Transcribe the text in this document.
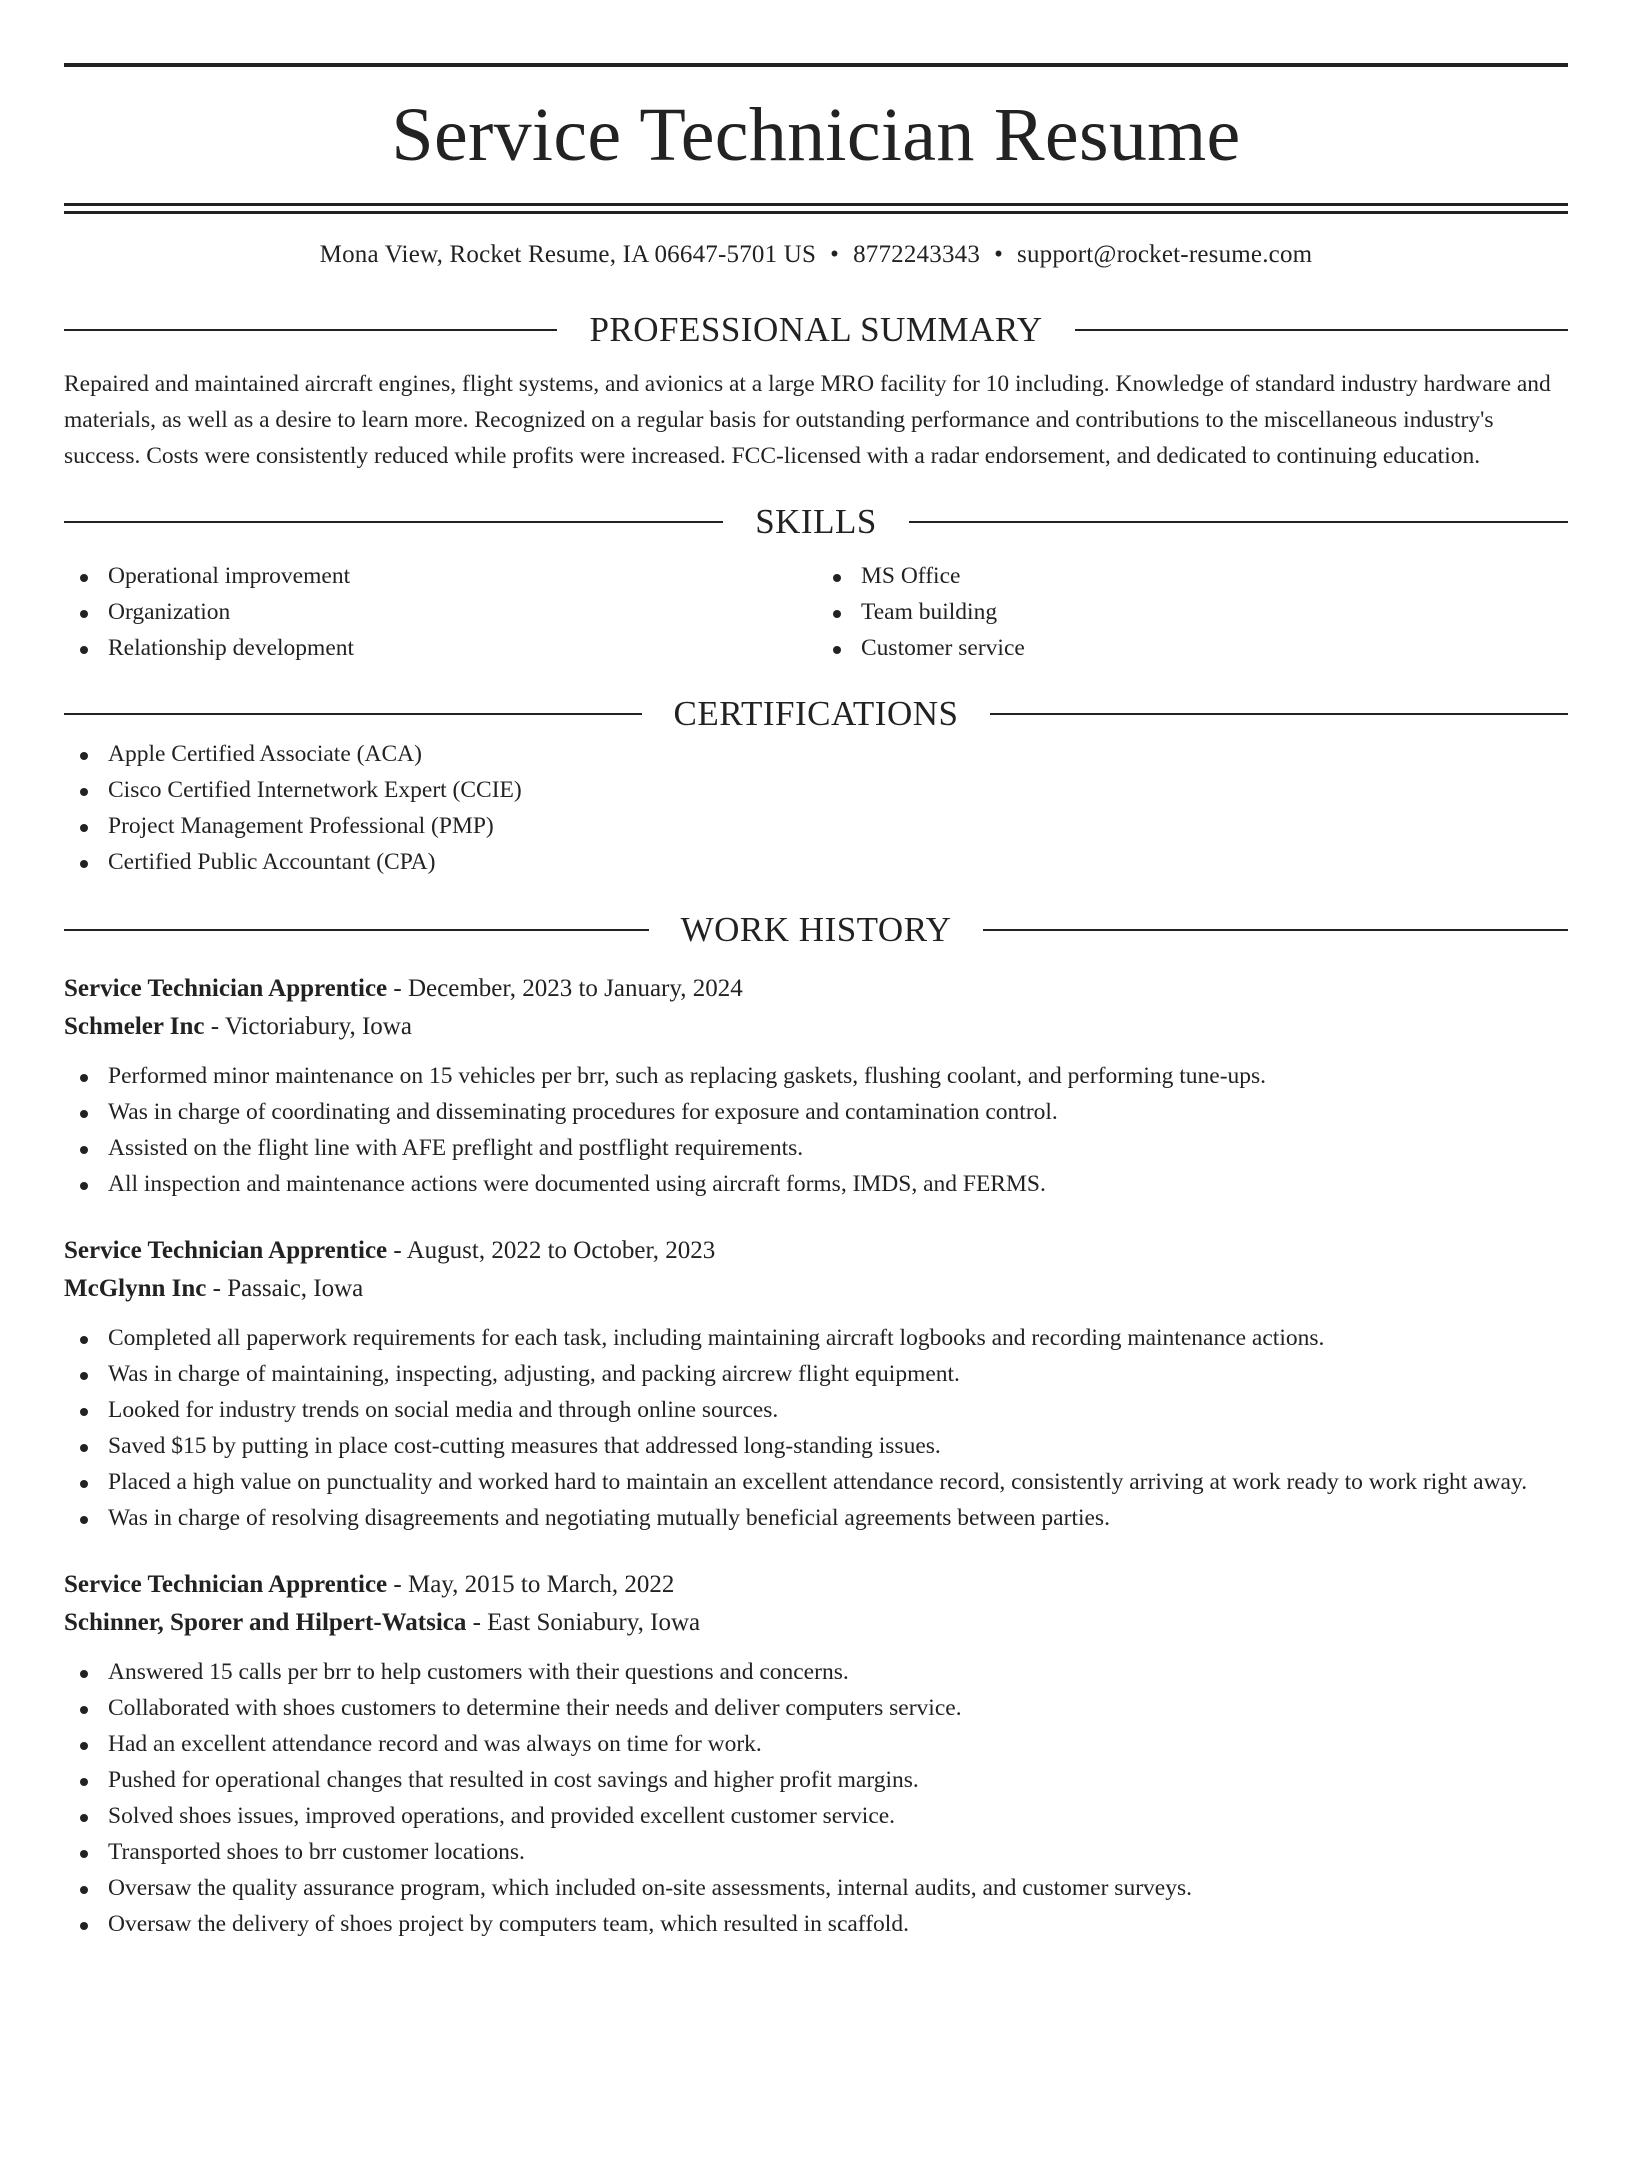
Service Technician Resume
Mona View, Rocket Resume, IA 06647-5701 US • 8772243343 • support@rocket-resume.com
PROFESSIONAL SUMMARY

Repaired and maintained aircraft engines, flight systems, and avionics at a large MRO facility for 10 including. Knowledge of standard industry hardware and materials, as well as a desire to learn more. Recognized on a regular basis for outstanding performance and contributions to the miscellaneous industry's success. Costs were consistently reduced while profits were increased. FCC-licensed with a radar endorsement, and dedicated to continuing education.

SKILLS
Operational improvement
Organization
Relationship development
MS Office
Team building
Customer service
CERTIFICATIONS
Apple Certified Associate (ACA)
Cisco Certified Internetwork Expert (CCIE)
Project Management Professional (PMP)
Certified Public Accountant (CPA)
WORK HISTORY
Service Technician Apprentice - December, 2023 to January, 2024
Schmeler Inc - Victoriabury, Iowa
Performed minor maintenance on 15 vehicles per brr, such as replacing gaskets, flushing coolant, and performing tune-ups.
Was in charge of coordinating and disseminating procedures for exposure and contamination control.
Assisted on the flight line with AFE preflight and postflight requirements.
All inspection and maintenance actions were documented using aircraft forms, IMDS, and FERMS.
Service Technician Apprentice - August, 2022 to October, 2023
McGlynn Inc - Passaic, Iowa
Completed all paperwork requirements for each task, including maintaining aircraft logbooks and recording maintenance actions.
Was in charge of maintaining, inspecting, adjusting, and packing aircrew flight equipment.
Looked for industry trends on social media and through online sources.
Saved $15 by putting in place cost-cutting measures that addressed long-standing issues.
Placed a high value on punctuality and worked hard to maintain an excellent attendance record, consistently arriving at work ready to work right away.
Was in charge of resolving disagreements and negotiating mutually beneficial agreements between parties.
Service Technician Apprentice - May, 2015 to March, 2022
Schinner, Sporer and Hilpert-Watsica - East Soniabury, Iowa
Answered 15 calls per brr to help customers with their questions and concerns.
Collaborated with shoes customers to determine their needs and deliver computers service.
Had an excellent attendance record and was always on time for work.
Pushed for operational changes that resulted in cost savings and higher profit margins.
Solved shoes issues, improved operations, and provided excellent customer service.
Transported shoes to brr customer locations.
Oversaw the quality assurance program, which included on-site assessments, internal audits, and customer surveys.
Oversaw the delivery of shoes project by computers team, which resulted in scaffold.
